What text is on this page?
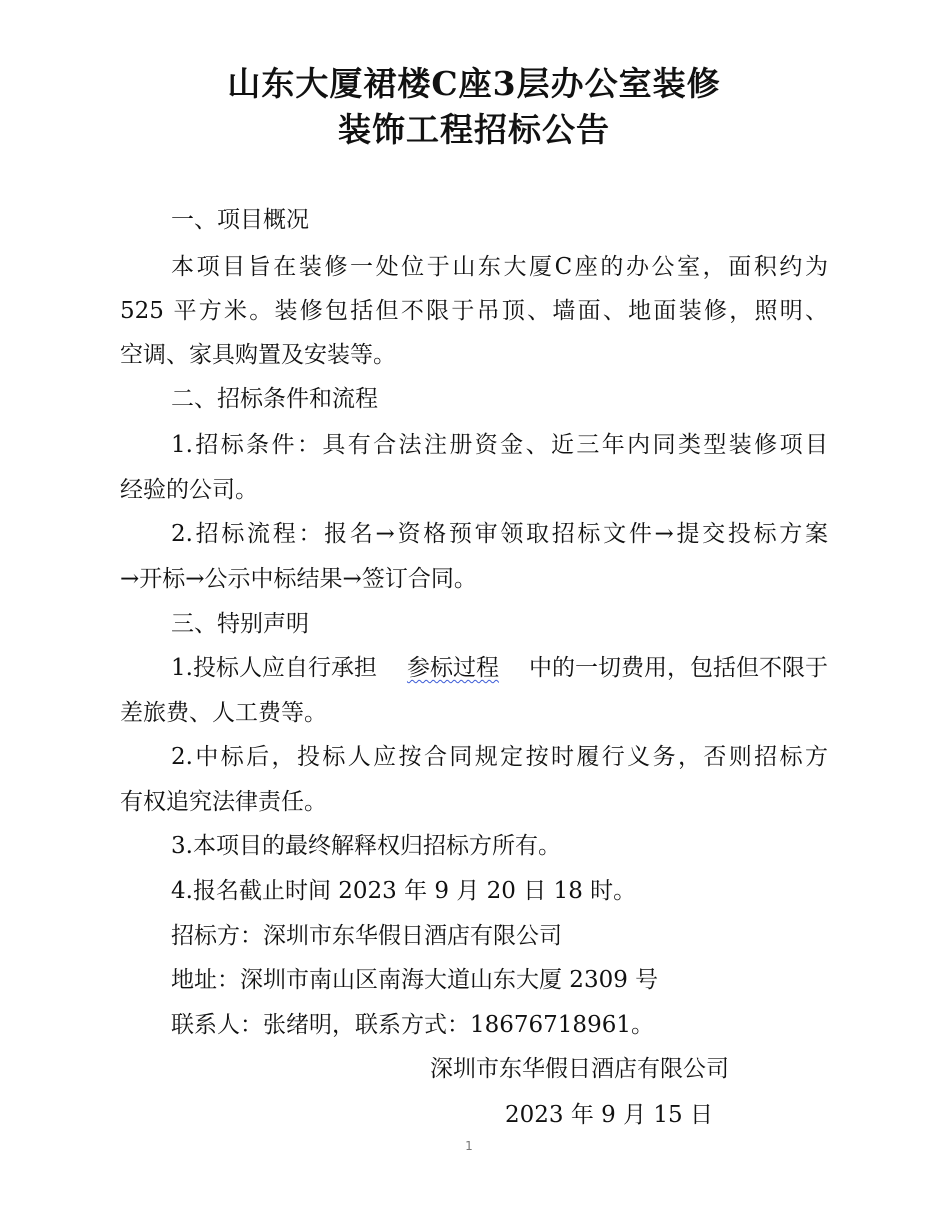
山东大厦裙楼C座3层办公室装修
装饰工程招标公告
一、项目概况
本项目旨在装修一处位于山东大厦C座的办公室，面积约为
525 平方米。装修包括但不限于吊顶、墙面、地面装修，照明、
空调、家具购置及安装等。
二、招标条件和流程
1.招标条件：具有合法注册资金、近三年内同类型装修项目
经验的公司。
2.招标流程：报名→资格预审领取招标文件→提交投标方案
→开标→公示中标结果→签订合同。
三、特别声明
1.投标人应自行承担 参标过程 中的一切费用，包括但不限于
差旅费、人工费等。
2.中标后，投标人应按合同规定按时履行义务，否则招标方
有权追究法律责任。
3.本项目的最终解释权归招标方所有。
4.报名截止时间 2023 年 9 月 20 日 18 时。
招标方：深圳市东华假日酒店有限公司
地址：深圳市南山区南海大道山东大厦 2309 号
联系人：张绪明，联系方式：18676718961。
深圳市东华假日酒店有限公司
2023 年 9 月 15 日
1
